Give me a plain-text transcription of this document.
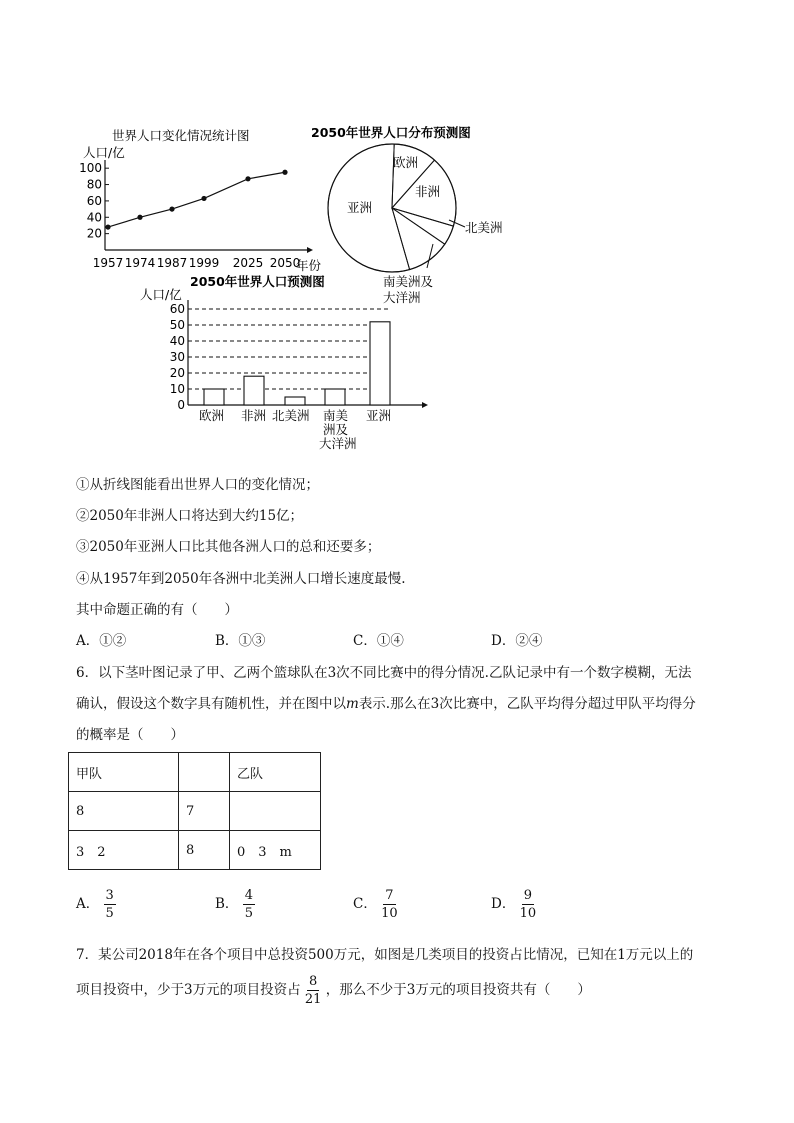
世界人口变化情况统计图
人口/亿
100
80
60
40
20
1957 1974 1987 1999 2025 2050
年份
2050年世界人口分布预测图
欧洲
非洲
亚洲
北美洲
南美洲及
大洋洲
2050年世界人口预测图
人口/亿
60
50
40
30
20
10
0
欧洲 非洲 北美洲 南美
洲及
大洋洲
亚洲
①从折线图能看出世界人口的变化情况；
②2050年非洲人口将达到大约15亿；
③2050年亚洲人口比其他各洲人口的总和还要多；
④从1957年到2050年各洲中北美洲人口增长速度最慢.
其中命题正确的有（　　）
A．①②	B．①③	C．①④	D．②④
6．以下茎叶图记录了甲、乙两个篮球队在3次不同比赛中的得分情况.乙队记录中有一个数字模糊，无法
确认，假设这个数字具有随机性，并在图中以m表示.那么在3次比赛中，乙队平均得分超过甲队平均得分
的概率是（　　）
甲队		乙队
8	7	
3　2	8	0　3　m
A． $\frac{3}{5}$	B． $\frac{4}{5}$	C． $\frac{7}{10}$	D． $\frac{9}{10}$
7．某公司2018年在各个项目中总投资500万元，如图是几类项目的投资占比情况，已知在1万元以上的
项目投资中，少于3万元的项目投资占 $\frac{8}{21}$ ，那么不少于3万元的项目投资共有（　　）
